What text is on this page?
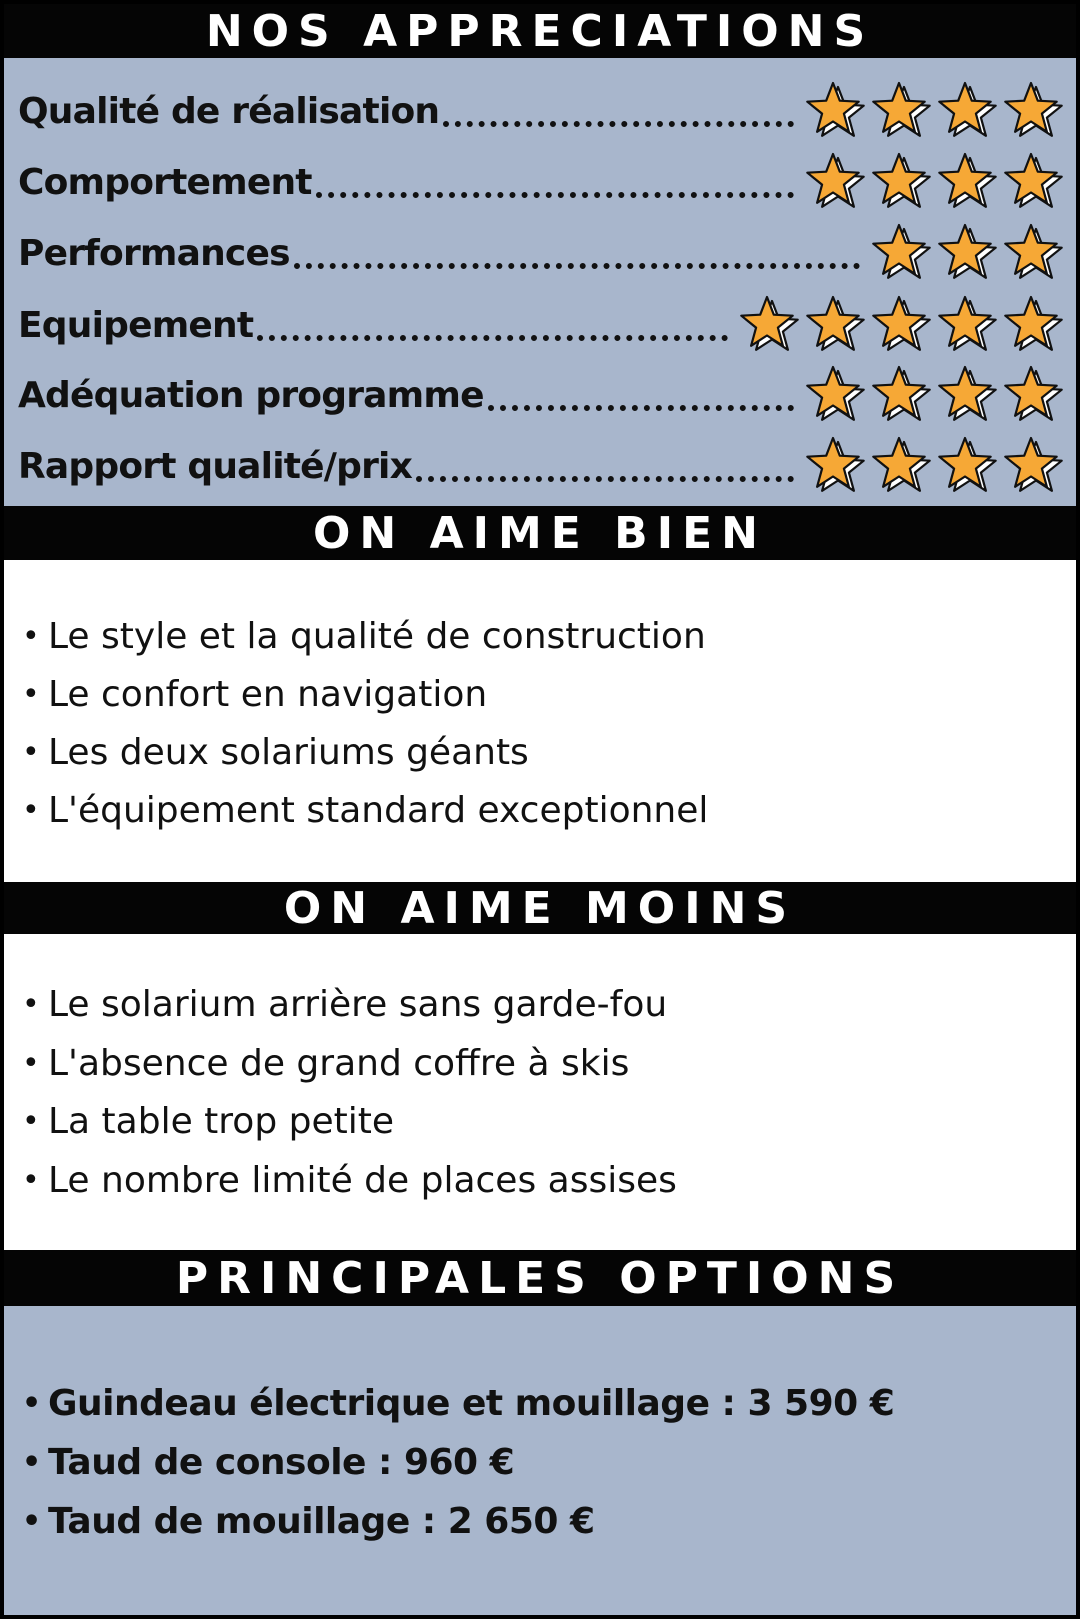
NOS APPRECIATIONS
Qualité de réalisation
Comportement
Performances
Equipement
Adéquation programme
Rapport qualité/prix
ON AIME BIEN
• Le style et la qualité de construction
• Le confort en navigation
• Les deux solariums géants
• L'équipement standard exceptionnel
ON AIME MOINS
• Le solarium arrière sans garde-fou
• L'absence de grand coffre à skis
• La table trop petite
• Le nombre limité de places assises
PRINCIPALES OPTIONS
• Guindeau électrique et mouillage : 3 590 €
• Taud de console : 960 €
• Taud de mouillage : 2 650 €
